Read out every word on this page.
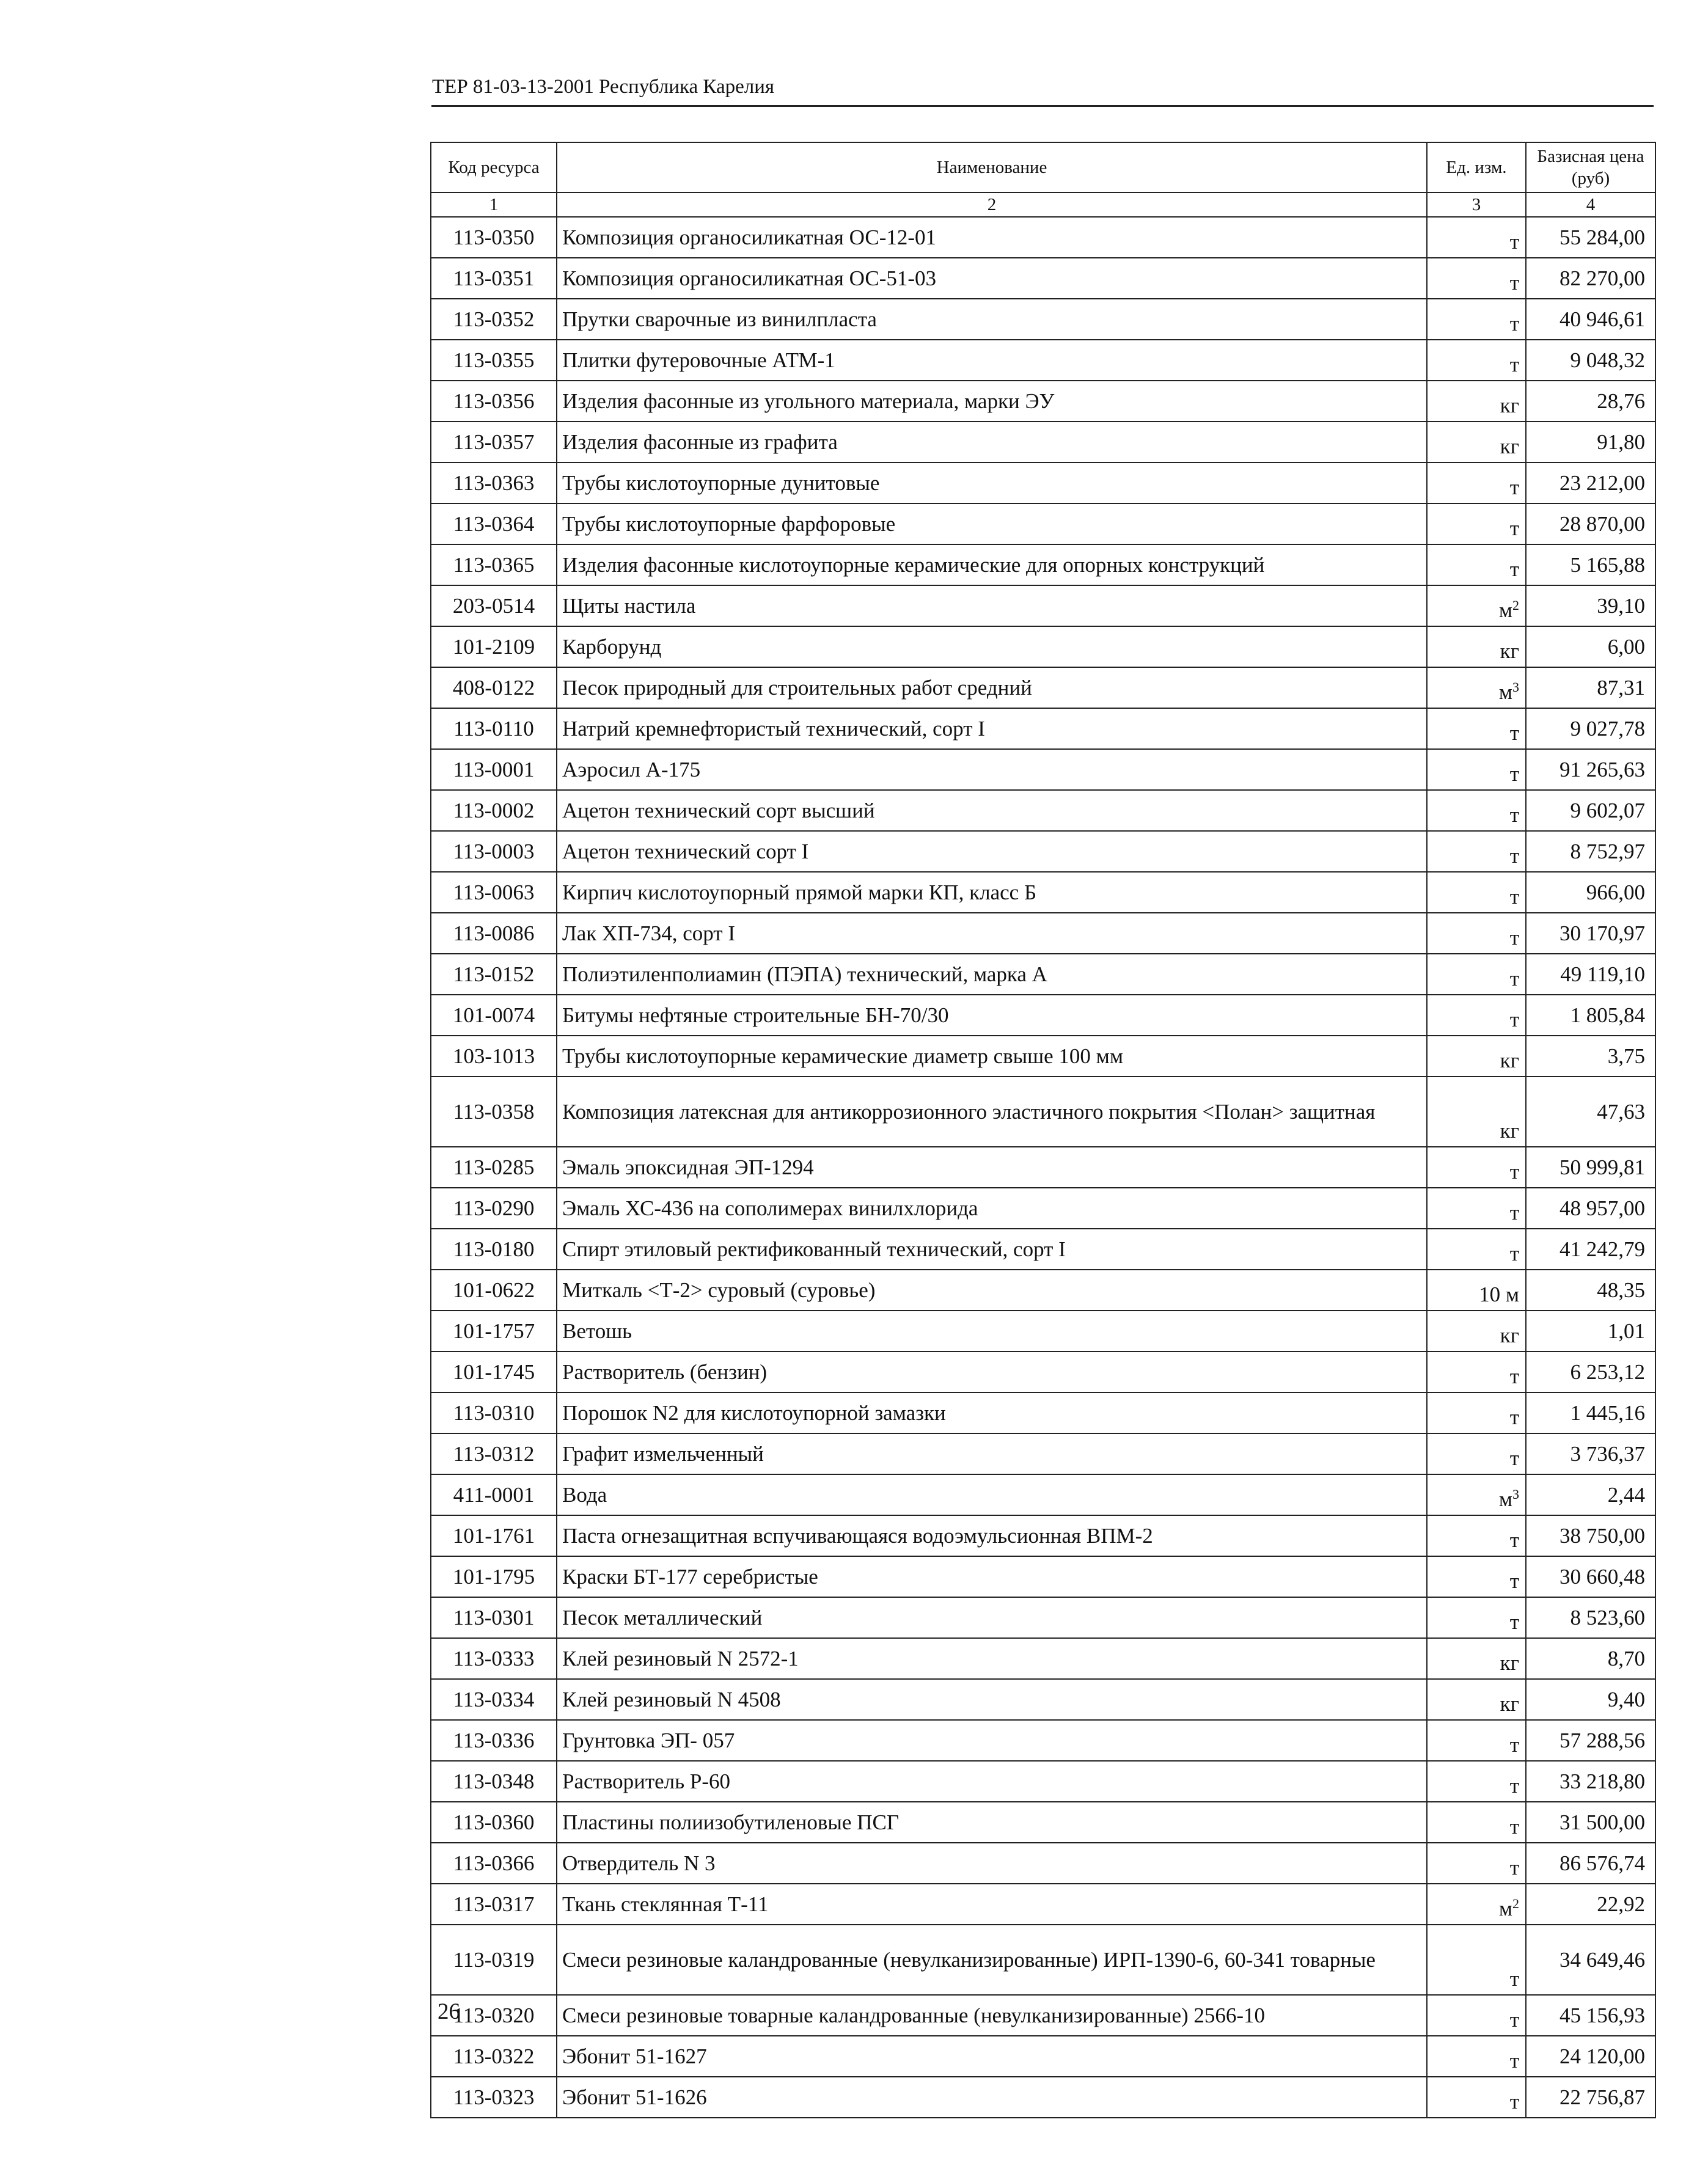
ТЕР 81-03-13-2001 Республика Карелия
Код ресурса	Наименование	Ед. изм.	Базисная цена (руб)
1	2	3	4
113-0350	Композиция органосиликатная ОС-12-01	т	55 284,00
113-0351	Композиция органосиликатная ОС-51-03	т	82 270,00
113-0352	Прутки сварочные из винилпласта	т	40 946,61
113-0355	Плитки футеровочные АТМ-1	т	9 048,32
113-0356	Изделия фасонные из угольного материала, марки ЭУ	кг	28,76
113-0357	Изделия фасонные из графита	кг	91,80
113-0363	Трубы кислотоупорные дунитовые	т	23 212,00
113-0364	Трубы кислотоупорные фарфоровые	т	28 870,00
113-0365	Изделия фасонные кислотоупорные керамические для опорных конструкций	т	5 165,88
203-0514	Щиты настила	$м^2$	39,10
101-2109	Карборунд	кг	6,00
408-0122	Песок природный для строительных работ средний	$м^3$	87,31
113-0110	Натрий кремнефтористый технический, сорт I	т	9 027,78
113-0001	Аэросил А-175	т	91 265,63
113-0002	Ацетон технический сорт высший	т	9 602,07
113-0003	Ацетон технический сорт I	т	8 752,97
113-0063	Кирпич кислотоупорный прямой марки КП, класс Б	т	966,00
113-0086	Лак ХП-734, сорт I	т	30 170,97
113-0152	Полиэтиленполиамин (ПЭПА) технический, марка А	т	49 119,10
101-0074	Битумы нефтяные строительные БН-70/30	т	1 805,84
103-1013	Трубы кислотоупорные керамические диаметр свыше 100 мм	кг	3,75
113-0358	Композиция латексная для антикоррозионного эластичного покрытия <Полан> защитная	кг	47,63
113-0285	Эмаль эпоксидная ЭП-1294	т	50 999,81
113-0290	Эмаль ХС-436 на сополимерах винилхлорида	т	48 957,00
113-0180	Спирт этиловый ректификованный технический, сорт I	т	41 242,79
101-0622	Миткаль <Т-2> суровый (суровье)	10 м	48,35
101-1757	Ветошь	кг	1,01
101-1745	Растворитель (бензин)	т	6 253,12
113-0310	Порошок N2 для кислотоупорной замазки	т	1 445,16
113-0312	Графит измельченный	т	3 736,37
411-0001	Вода	$м^3$	2,44
101-1761	Паста огнезащитная вспучивающаяся водоэмульсионная ВПМ-2	т	38 750,00
101-1795	Краски БТ-177 серебристые	т	30 660,48
113-0301	Песок металлический	т	8 523,60
113-0333	Клей резиновый N 2572-1	кг	8,70
113-0334	Клей резиновый N 4508	кг	9,40
113-0336	Грунтовка ЭП- 057	т	57 288,56
113-0348	Растворитель Р-60	т	33 218,80
113-0360	Пластины полиизобутиленовые ПСГ	т	31 500,00
113-0366	Отвердитель N 3	т	86 576,74
113-0317	Ткань стеклянная Т-11	$м^2$	22,92
113-0319	Смеси резиновые каландрованные (невулканизированные) ИРП-1390-6, 60-341 товарные	т	34 649,46
113-0320	Смеси резиновые товарные каландрованные (невулканизированные) 2566-10	т	45 156,93
113-0322	Эбонит 51-1627	т	24 120,00
113-0323	Эбонит 51-1626	т	22 756,87
26
